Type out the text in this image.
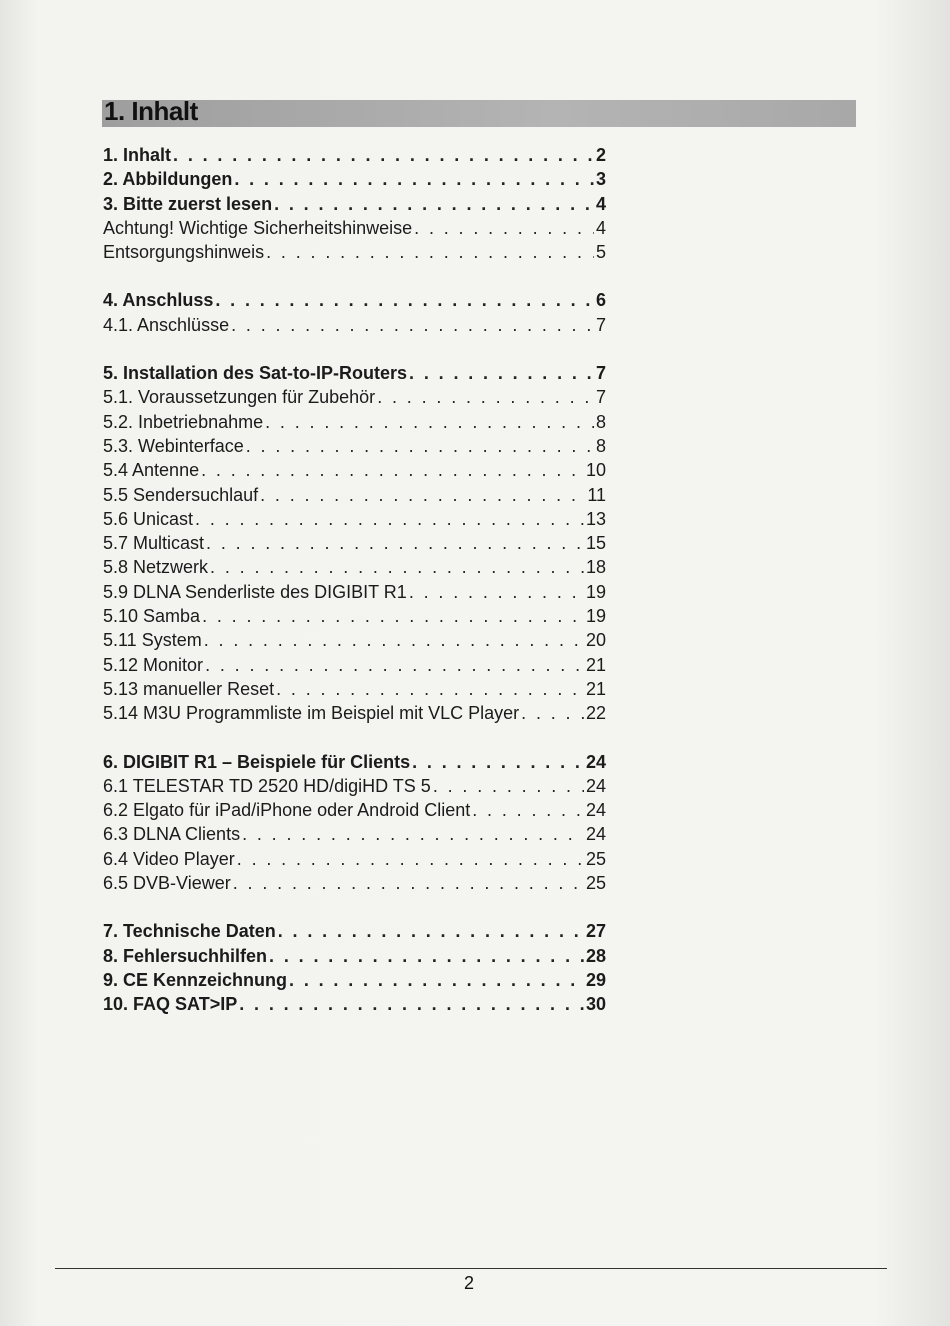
1. Inhalt
1. Inhalt . . .	2
2. Abbildungen . . .	3
3. Bitte zuerst lesen . . .	4
Achtung! Wichtige Sicherheitshinweise . . .	4
Entsorgungshinweis . . .	5
4. Anschluss . . .	6
4.1. Anschlüsse . . .	7
5. Installation des Sat-to-IP-Routers . . .	7
5.1. Voraussetzungen für Zubehör . . .	7
5.2. Inbetriebnahme . . .	8
5.3. Webinterface . . .	8
5.4 Antenne . . .	10
5.5 Sendersuchlauf . . .	11
5.6 Unicast . . .	13
5.7 Multicast . . .	15
5.8 Netzwerk . . .	18
5.9 DLNA Senderliste des DIGIBIT R1 . . .	19
5.10 Samba . . .	19
5.11 System . . .	20
5.12 Monitor . . .	21
5.13 manueller Reset . . .	21
5.14 M3U Programmliste im Beispiel mit VLC Player . . .	22
6. DIGIBIT R1 – Beispiele für Clients . . .	24
6.1 TELESTAR TD 2520 HD/digiHD TS 5 . . .	24
6.2 Elgato für iPad/iPhone oder Android Client . . .	24
6.3 DLNA Clients . . .	24
6.4 Video Player . . .	25
6.5 DVB-Viewer . . .	25
7. Technische Daten . . .	27
8. Fehlersuchhilfen . . .	28
9. CE Kennzeichnung . . .	29
10. FAQ SAT>IP . . .	30
2
